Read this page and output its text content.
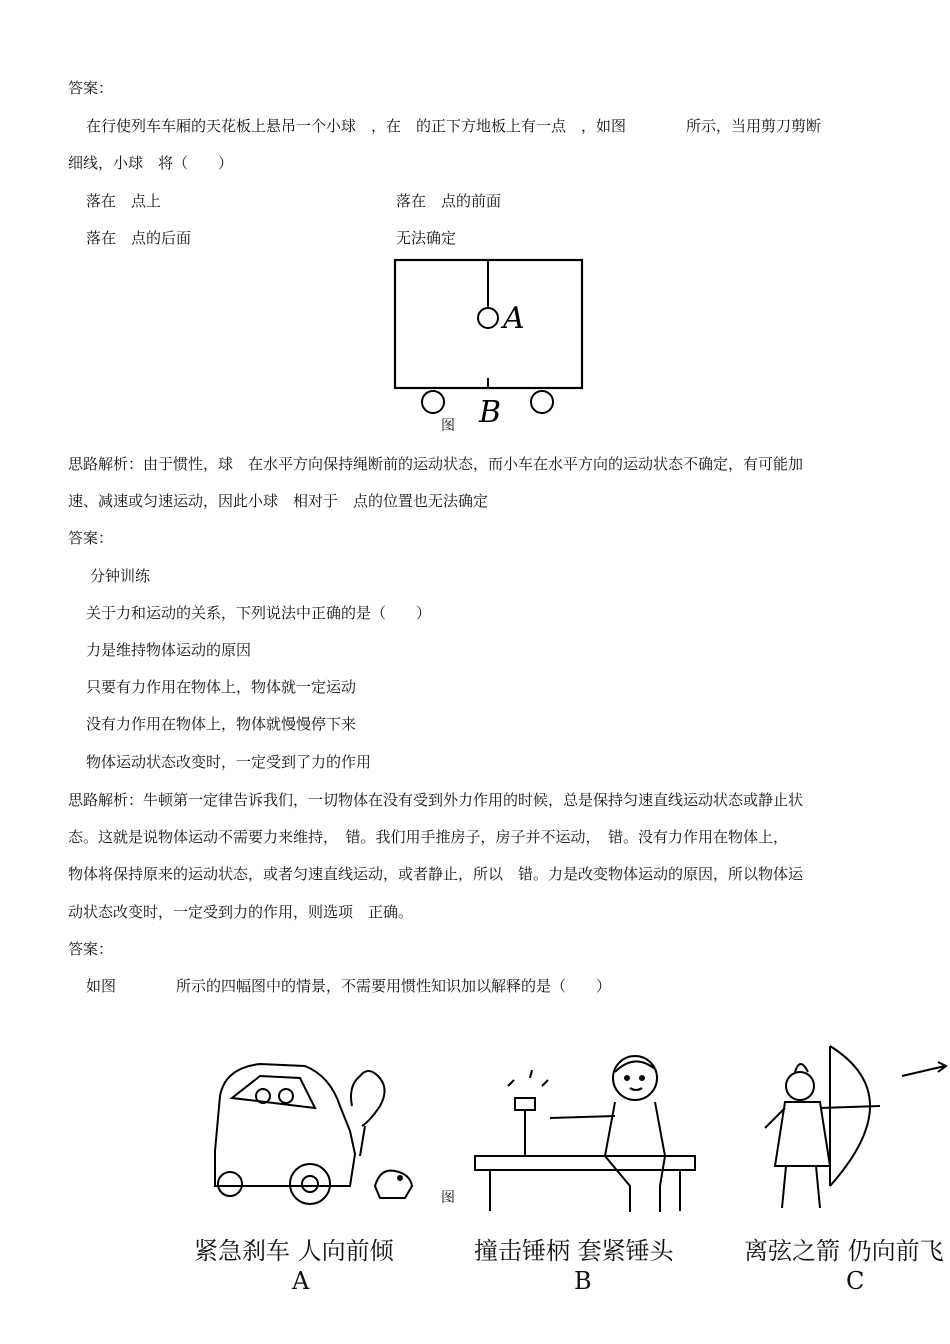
答案：
在行使列车车厢的天花板上悬吊一个小球　，在　的正下方地板上有一点　，如图　　　　所示，当用剪刀剪断
细线，小球　将（　　）
落在　点上	落在　点的前面
落在　点的后面	无法确定
A
B
图
思路解析：由于惯性，球　在水平方向保持绳断前的运动状态，而小车在水平方向的运动状态不确定，有可能加
速、减速或匀速运动，因此小球　相对于　点的位置也无法确定
答案：
分钟训练
关于力和运动的关系，下列说法中正确的是（　　）
力是维持物体运动的原因
只要有力作用在物体上，物体就一定运动
没有力作用在物体上，物体就慢慢停下来
物体运动状态改变时，一定受到了力的作用
思路解析：牛顿第一定律告诉我们，一切物体在没有受到外力作用的时候，总是保持匀速直线运动状态或静止状
态。这就是说物体运动不需要力来维持，　错。我们用手推房子，房子并不运动，　错。没有力作用在物体上，
物体将保持原来的运动状态，或者匀速直线运动，或者静止，所以　错。力是改变物体运动的原因，所以物体运
动状态改变时，一定受到力的作用，则选项　正确。
答案：
如图　　　　所示的四幅图中的情景，不需要用惯性知识加以解释的是（　　）
图
紧急刹车 人向前倾
A
撞击锤柄 套紧锤头
B
离弦之箭 仍向前飞
C
